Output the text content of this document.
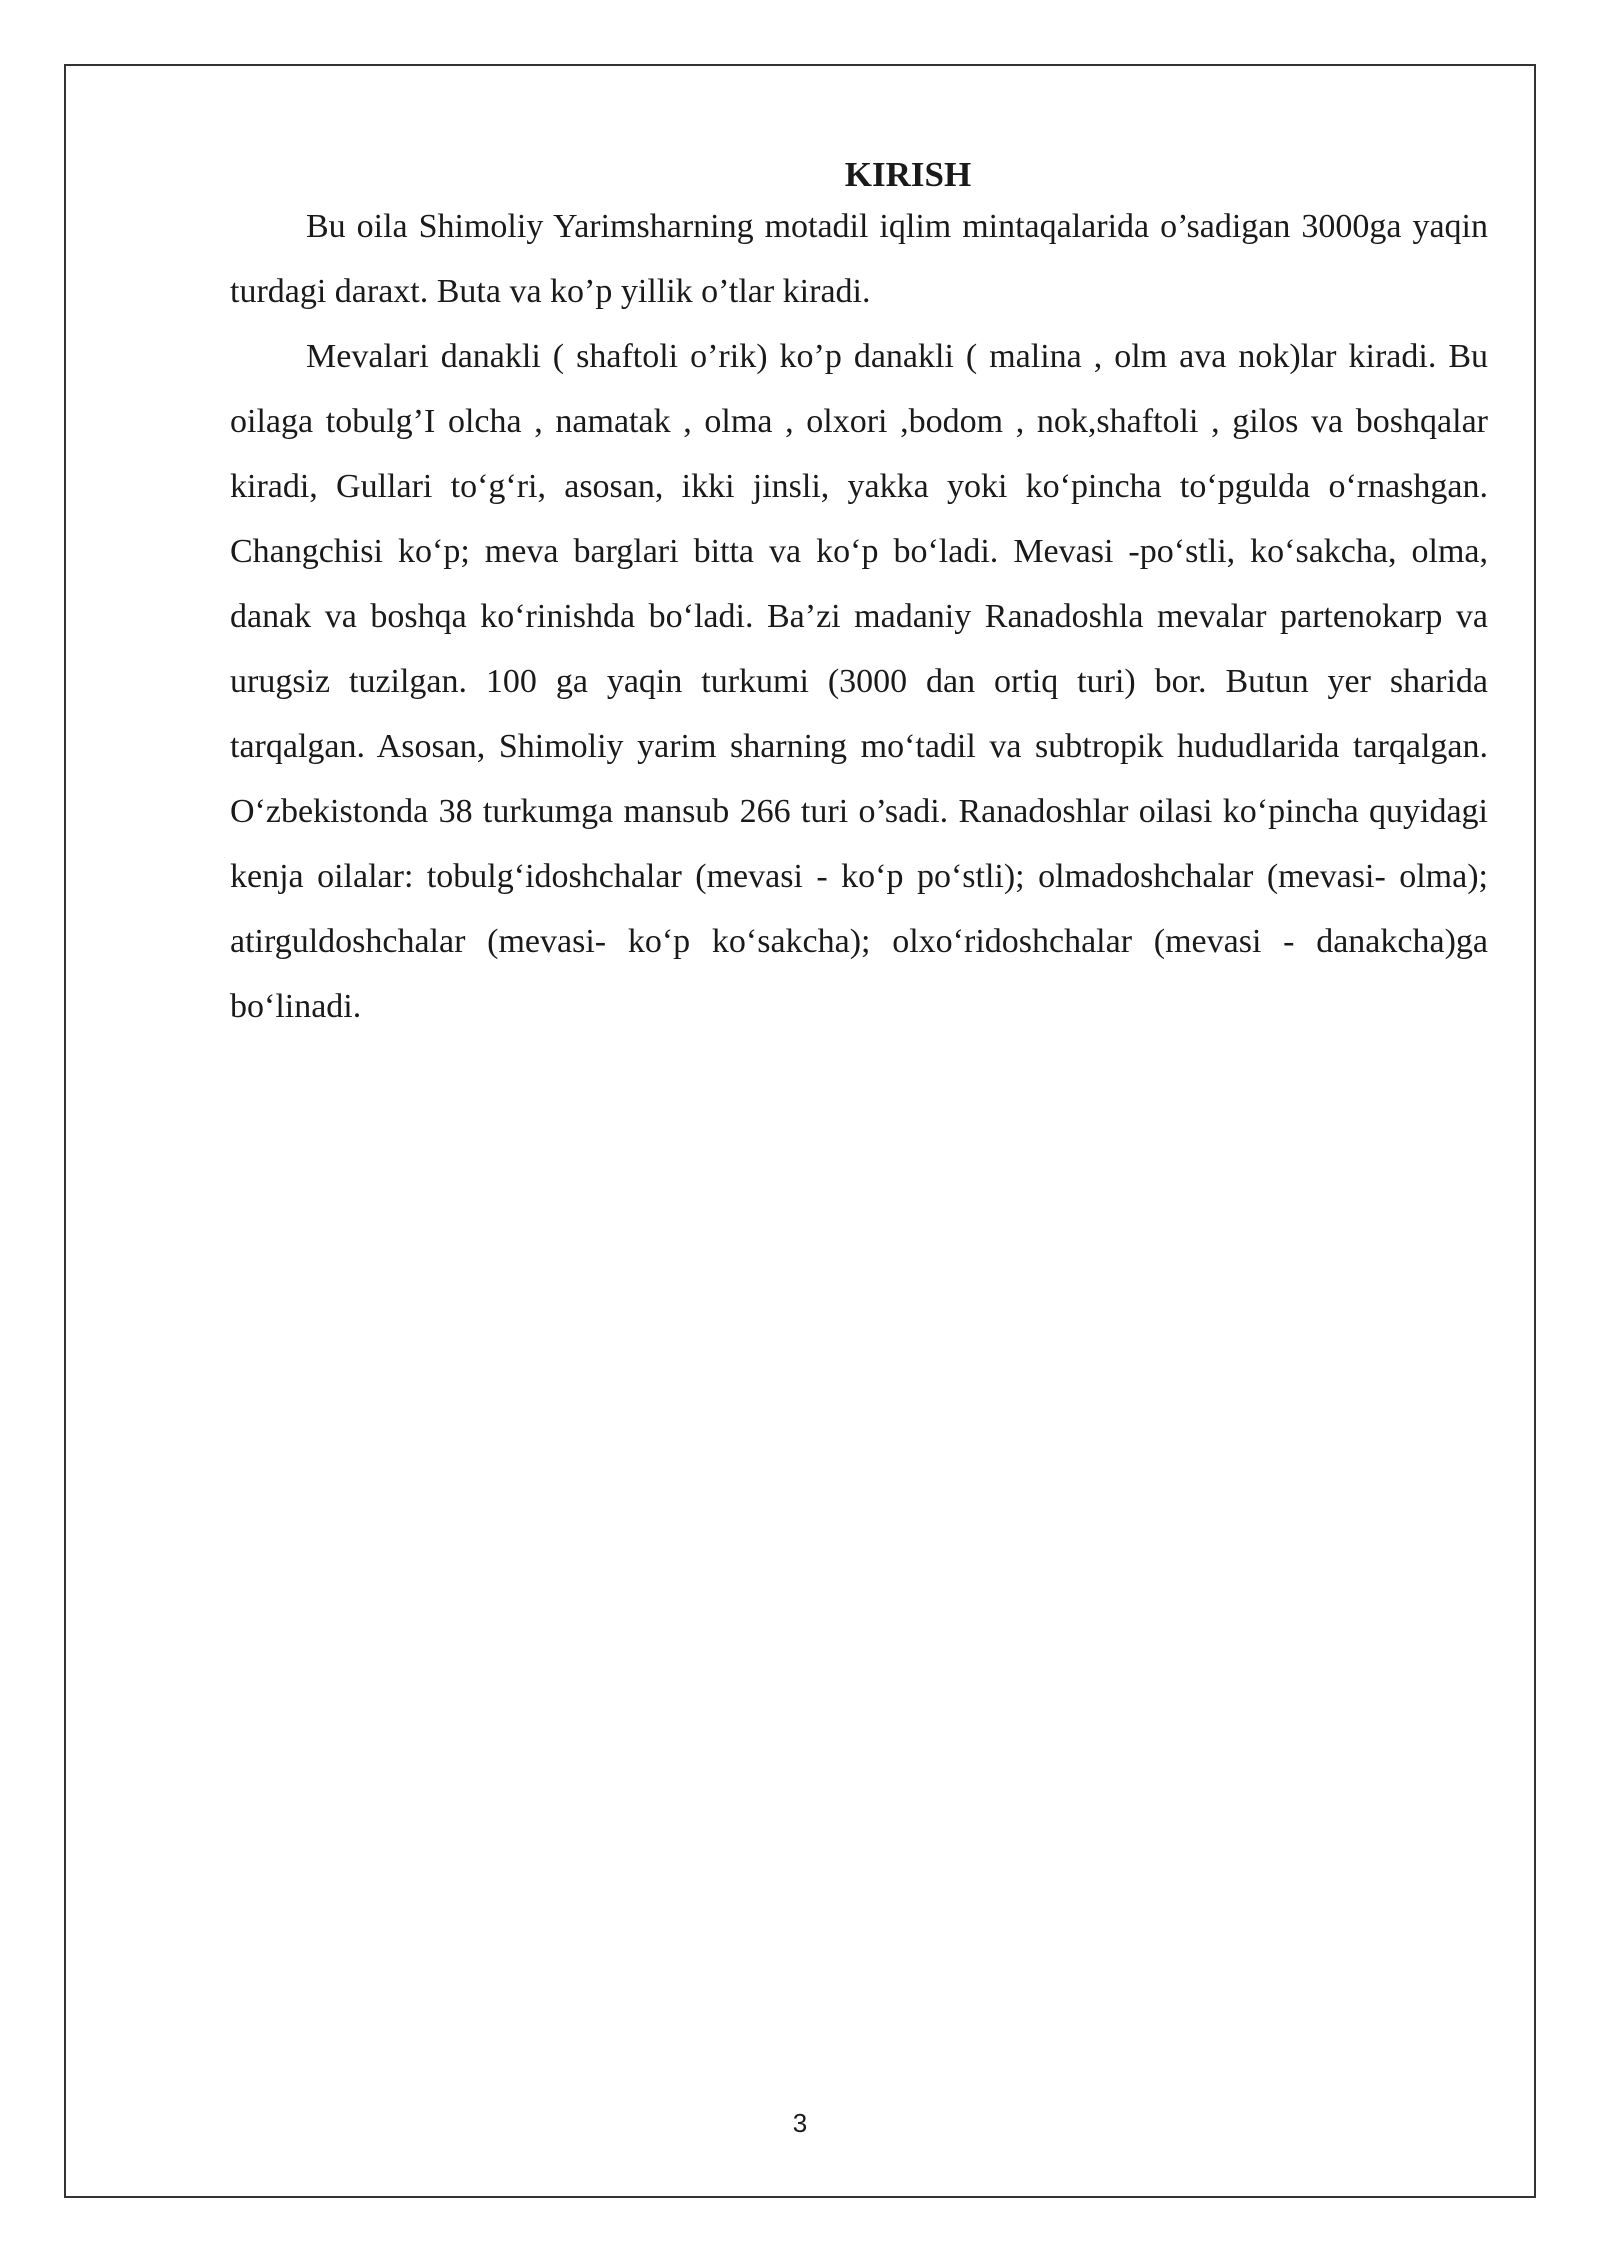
KIRISH

Bu oila Shimoliy Yarimsharning motadil iqlim mintaqalarida o’sadigan 3000ga yaqin turdagi daraxt. Buta va ko’p yillik o’tlar kiradi.

Mevalari danakli ( shaftoli o’rik) ko’p danakli ( malina , olm ava nok)lar kiradi. Bu oilaga tobulg’I olcha , namatak , olma , olxori ,bodom , nok,shaftoli , gilos va boshqalar kiradi, Gullari toʻgʻri, asosan, ikki jinsli, yakka yoki koʻpincha toʻpgulda oʻrnashgan. Changchisi koʻp; meva barglari bitta va koʻp boʻladi. Mevasi -poʻstli, koʻsakcha, olma, danak va boshqa koʻrinishda boʻladi. Ba’zi madaniy Ranadoshla mevalar partenokarp va urugsiz tuzilgan. 100 ga yaqin turkumi (3000 dan ortiq turi) bor. Butun yer sharida tarqalgan. Asosan, Shimoliy yarim sharning moʻtadil va subtropik hududlarida tarqalgan. Oʻzbekistonda 38 turkumga mansub 266 turi o’sadi. Ranadoshlar oilasi koʻpincha quyidagi kenja oilalar: tobulgʻidoshchalar (mevasi - koʻp poʻstli); olmadoshchalar (mevasi- olma); atirguldoshchalar (mevasi- koʻp koʻsakcha); olxoʻridoshchalar (mevasi - danakcha)ga boʻlinadi.

3
